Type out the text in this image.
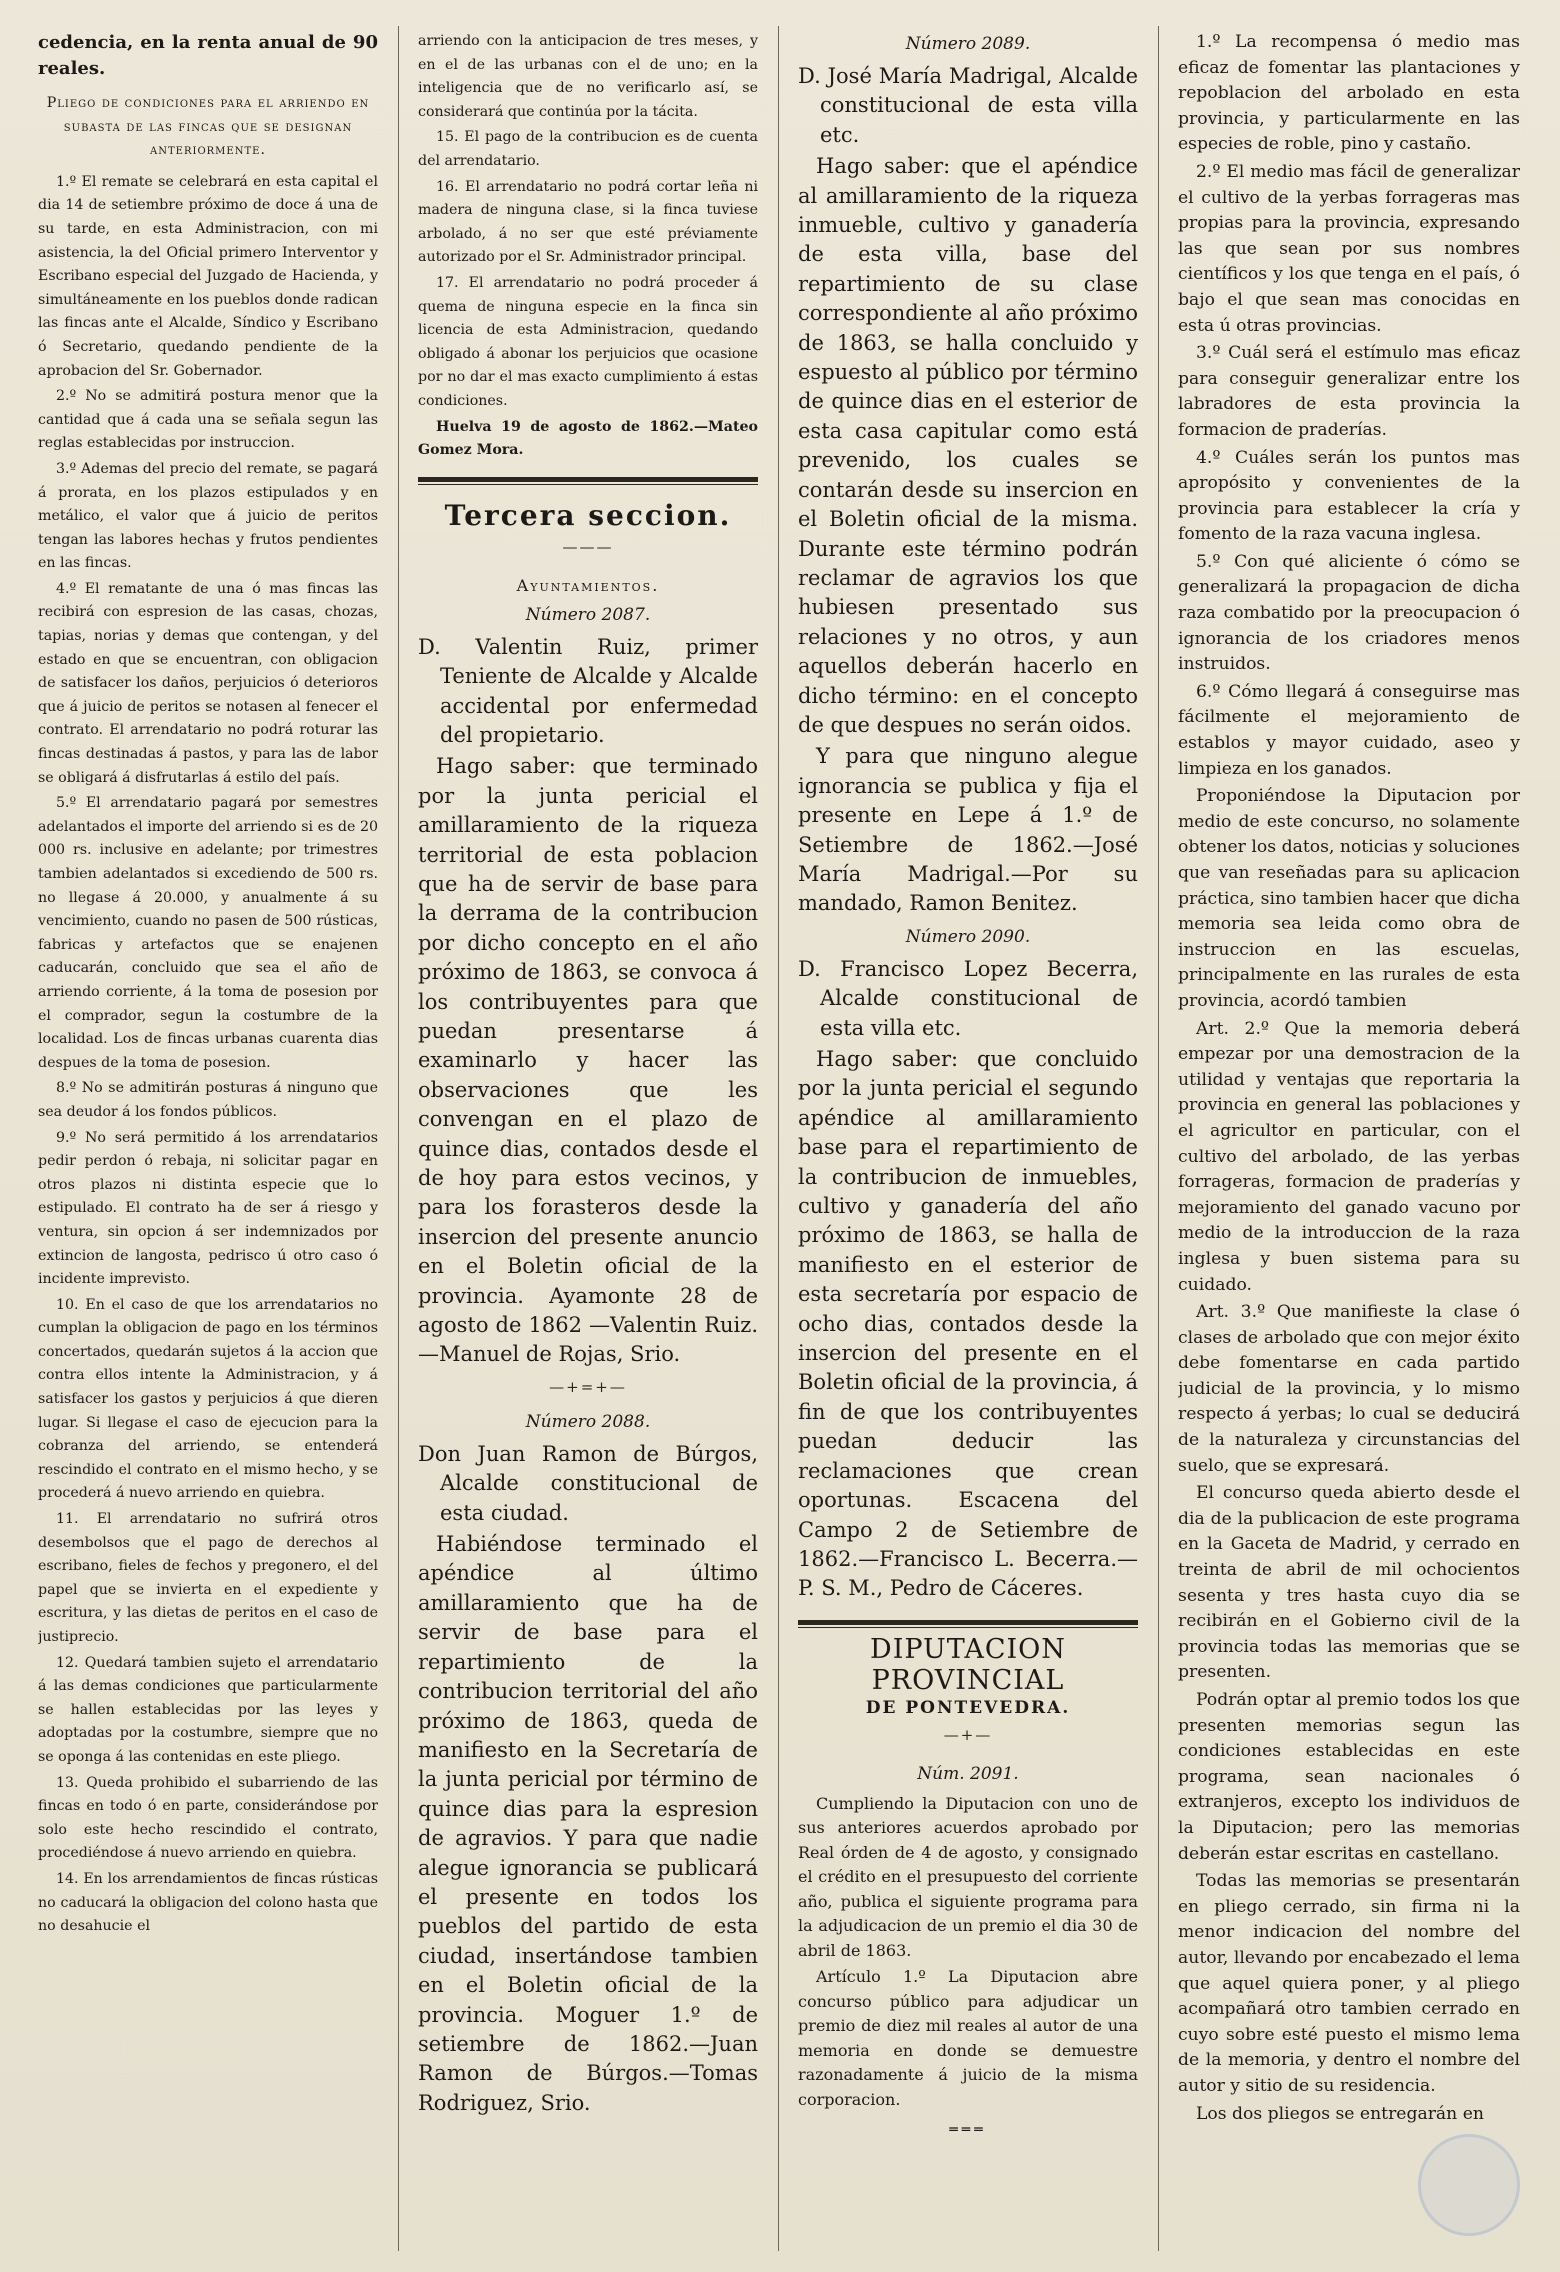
cedencia, en la renta anual de 90 reales.

Pliego de condiciones para el arriendo en subasta de las fincas que se designan anteriormente.

1.º El remate se celebrará en esta capital el dia 14 de setiembre próximo de doce á una de su tarde, en esta Administracion, con mi asistencia, la del Oficial primero Interventor y Escribano especial del Juzgado de Hacienda, y simultáneamente en los pueblos donde radican las fincas ante el Alcalde, Síndico y Escribano ó Secretario, quedando pendiente de la aprobacion del Sr. Gobernador.

2.º No se admitirá postura menor que la cantidad que á cada una se señala segun las reglas establecidas por instruccion.

3.º Ademas del precio del remate, se pagará á prorata, en los plazos estipulados y en metálico, el valor que á juicio de peritos tengan las labores hechas y frutos pendientes en las fincas.

4.º El rematante de una ó mas fincas las recibirá con espresion de las casas, chozas, tapias, norias y demas que contengan, y del estado en que se encuentran, con obligacion de satisfacer los daños, perjuicios ó deterioros que á juicio de peritos se notasen al fenecer el contrato. El arrendatario no podrá roturar las fincas destinadas á pastos, y para las de labor se obligará á disfrutarlas á estilo del país.

5.º El arrendatario pagará por semestres adelantados el importe del arriendo si es de 20 000 rs. inclusive en adelante; por trimestres tambien adelantados si excediendo de 500 rs. no llegase á 20.000, y anualmente á su vencimiento, cuando no pasen de 500 rústicas, fabricas y artefactos que se enajenen caducarán, concluido que sea el año de arriendo corriente, á la toma de posesion por el comprador, segun la costumbre de la localidad. Los de fincas urbanas cuarenta dias despues de la toma de posesion.

8.º No se admitirán posturas á ninguno que sea deudor á los fondos públicos.

9.º No será permitido á los arrendatarios pedir perdon ó rebaja, ni solicitar pagar en otros plazos ni distinta especie que lo estipulado. El contrato ha de ser á riesgo y ventura, sin opcion á ser indemnizados por extincion de langosta, pedrisco ú otro caso ó incidente imprevisto.

10. En el caso de que los arrendatarios no cumplan la obligacion de pago en los términos concertados, quedarán sujetos á la accion que contra ellos intente la Administracion, y á satisfacer los gastos y perjuicios á que dieren lugar. Si llegase el caso de ejecucion para la cobranza del arriendo, se entenderá rescindido el contrato en el mismo hecho, y se procederá á nuevo arriendo en quiebra.

11. El arrendatario no sufrirá otros desembolsos que el pago de derechos al escribano, fieles de fechos y pregonero, el del papel que se invierta en el expediente y escritura, y las dietas de peritos en el caso de justiprecio.

12. Quedará tambien sujeto el arrendatario á las demas condiciones que particularmente se hallen establecidas por las leyes y adoptadas por la costumbre, siempre que no se oponga á las contenidas en este pliego.

13. Queda prohibido el subarriendo de las fincas en todo ó en parte, considerándose por solo este hecho rescindido el contrato, procediéndose á nuevo arriendo en quiebra.

14. En los arrendamientos de fincas rústicas no caducará la obligacion del colono hasta que no desahucie el

arriendo con la anticipacion de tres meses, y en el de las urbanas con el de uno; en la inteligencia que de no verificarlo así, se considerará que continúa por la tácita.

15. El pago de la contribucion es de cuenta del arrendatario.

16. El arrendatario no podrá cortar leña ni madera de ninguna clase, si la finca tuviese arbolado, á no ser que esté préviamente autorizado por el Sr. Administrador principal.

17. El arrendatario no podrá proceder á quema de ninguna especie en la finca sin licencia de esta Administracion, quedando obligado á abonar los perjuicios que ocasione por no dar el mas exacto cumplimiento á estas condiciones.

Huelva 19 de agosto de 1862.—Mateo Gomez Mora.

Tercera seccion.
———
Ayuntamientos.
Número 2087.

D. Valentin Ruiz, primer Teniente de Alcalde y Alcalde accidental por enfermedad del propietario.

Hago saber: que terminado por la junta pericial el amillaramiento de la riqueza territorial de esta poblacion que ha de servir de base para la derrama de la contribucion por dicho concepto en el año próximo de 1863, se convoca á los contribuyentes para que puedan presentarse á examinarlo y hacer las observaciones que les convengan en el plazo de quince dias, contados desde el de hoy para estos vecinos, y para los forasteros desde la insercion del presente anuncio en el Boletin oficial de la provincia. Ayamonte 28 de agosto de 1862 —Valentin Ruiz.—Manuel de Rojas, Srio.

—+=+—
Número 2088.

Don Juan Ramon de Búrgos, Alcalde constitucional de esta ciudad.

Habiéndose terminado el apéndice al último amillaramiento que ha de servir de base para el repartimiento de la contribucion territorial del año próximo de 1863, queda de manifiesto en la Secretaría de la junta pericial por término de quince dias para la espresion de agravios. Y para que nadie alegue ignorancia se publicará el presente en todos los pueblos del partido de esta ciudad, insertándose tambien en el Boletin oficial de la provincia. Moguer 1.º de setiembre de 1862.—Juan Ramon de Búrgos.—Tomas Rodriguez, Srio.

Número 2089.

D. José María Madrigal, Alcalde constitucional de esta villa etc.

Hago saber: que el apéndice al amillaramiento de la riqueza inmueble, cultivo y ganadería de esta villa, base del repartimiento de su clase correspondiente al año próximo de 1863, se halla concluido y espuesto al público por término de quince dias en el esterior de esta casa capitular como está prevenido, los cuales se contarán desde su insercion en el Boletin oficial de la misma. Durante este término podrán reclamar de agravios los que hubiesen presentado sus relaciones y no otros, y aun aquellos deberán hacerlo en dicho término: en el concepto de que despues no serán oidos.

Y para que ninguno alegue ignorancia se publica y fija el presente en Lepe á 1.º de Setiembre de 1862.—José María Madrigal.—Por su mandado, Ramon Benitez.

Número 2090.

D. Francisco Lopez Becerra, Alcalde constitucional de esta villa etc.

Hago saber: que concluido por la junta pericial el segundo apéndice al amillaramiento base para el repartimiento de la contribucion de inmuebles, cultivo y ganadería del año próximo de 1863, se halla de manifiesto en el esterior de esta secretaría por espacio de ocho dias, contados desde la insercion del presente en el Boletin oficial de la provincia, á fin de que los contribuyentes puedan deducir las reclamaciones que crean oportunas. Escacena del Campo 2 de Setiembre de 1862.—Francisco L. Becerra.—P. S. M., Pedro de Cáceres.

DIPUTACION PROVINCIAL
DE PONTEVEDRA.
—+—
Núm. 2091.

Cumpliendo la Diputacion con uno de sus anteriores acuerdos aprobado por Real órden de 4 de agosto, y consignado el crédito en el presupuesto del corriente año, publica el siguiente programa para la adjudicacion de un premio el dia 30 de abril de 1863.

Artículo 1.º La Diputacion abre concurso público para adjudicar un premio de diez mil reales al autor de una memoria en donde se demuestre razonadamente á juicio de la misma corporacion.

═══

1.º La recompensa ó medio mas eficaz de fomentar las plantaciones y repoblacion del arbolado en esta provincia, y particularmente en las especies de roble, pino y castaño.

2.º El medio mas fácil de generalizar el cultivo de la yerbas forrageras mas propias para la provincia, expresando las que sean por sus nombres científicos y los que tenga en el país, ó bajo el que sean mas conocidas en esta ú otras provincias.

3.º Cuál será el estímulo mas eficaz para conseguir generalizar entre los labradores de esta provincia la formacion de praderías.

4.º Cuáles serán los puntos mas apropósito y convenientes de la provincia para establecer la cría y fomento de la raza vacuna inglesa.

5.º Con qué aliciente ó cómo se generalizará la propagacion de dicha raza combatido por la preocupacion ó ignorancia de los criadores menos instruidos.

6.º Cómo llegará á conseguirse mas fácilmente el mejoramiento de establos y mayor cuidado, aseo y limpieza en los ganados.

Proponiéndose la Diputacion por medio de este concurso, no solamente obtener los datos, noticias y soluciones que van reseñadas para su aplicacion práctica, sino tambien hacer que dicha memoria sea leida como obra de instruccion en las escuelas, principalmente en las rurales de esta provincia, acordó tambien

Art. 2.º Que la memoria deberá empezar por una demostracion de la utilidad y ventajas que reportaria la provincia en general las poblaciones y el agricultor en particular, con el cultivo del arbolado, de las yerbas forrageras, formacion de praderías y mejoramiento del ganado vacuno por medio de la introduccion de la raza inglesa y buen sistema para su cuidado.

Art. 3.º Que manifieste la clase ó clases de arbolado que con mejor éxito debe fomentarse en cada partido judicial de la provincia, y lo mismo respecto á yerbas; lo cual se deducirá de la naturaleza y circunstancias del suelo, que se expresará.

El concurso queda abierto desde el dia de la publicacion de este programa en la Gaceta de Madrid, y cerrado en treinta de abril de mil ochocientos sesenta y tres hasta cuyo dia se recibirán en el Gobierno civil de la provincia todas las memorias que se presenten.

Podrán optar al premio todos los que presenten memorias segun las condiciones establecidas en este programa, sean nacionales ó extranjeros, excepto los individuos de la Diputacion; pero las memorias deberán estar escritas en castellano.

Todas las memorias se presentarán en pliego cerrado, sin firma ni la menor indicacion del nombre del autor, llevando por encabezado el lema que aquel quiera poner, y al pliego acompañará otro tambien cerrado en cuyo sobre esté puesto el mismo lema de la memoria, y dentro el nombre del autor y sitio de su residencia.

Los dos pliegos se entregarán en
